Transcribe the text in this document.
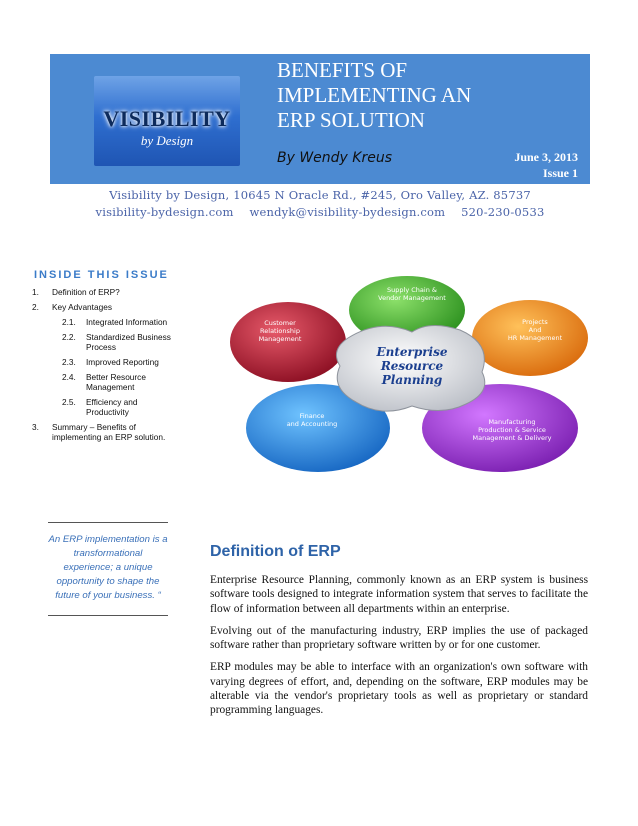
VISIBILITY
by Design
BENEFITS OF
IMPLEMENTING AN
ERP SOLUTION
By Wendy Kreus	June 3, 2013
Issue 1
Visibility by Design, 10645 N Oracle Rd., #245, Oro Valley, AZ. 85737
visibility-bydesign.com wendyk@visibility-bydesign.com 520-230-0533
INSIDE THIS ISSUE
1.	Definition of ERP?
2.	Key Advantages
2.1.	Integrated Information
2.2.	Standardized Business Process
2.3.	Improved Reporting
2.4.	Better Resource Management
2.5.	Efficiency and Productivity
3.	Summary – Benefits of implementing an ERP solution.
Supply Chain &
Vendor Management
Projects
And
HR Management
Manufacturing
Production & Service
Management & Delivery
Finance
and Accounting
Customer
Relationship
Management
Enterprise
Resource
Planning
An ERP implementation is a transformational experience; a unique opportunity to shape the future of your business. “
Definition of ERP

Enterprise Resource Planning, commonly known as an ERP system is business software tools designed to integrate information system that serves to facilitate the flow of information between all departments within an enterprise.

Evolving out of the manufacturing industry, ERP implies the use of packaged software rather than proprietary software written by or for one customer.

ERP modules may be able to interface with an organization's own software with varying degrees of effort, and, depending on the software, ERP modules may be alterable via the vendor's proprietary tools as well as proprietary or standard programming languages.
